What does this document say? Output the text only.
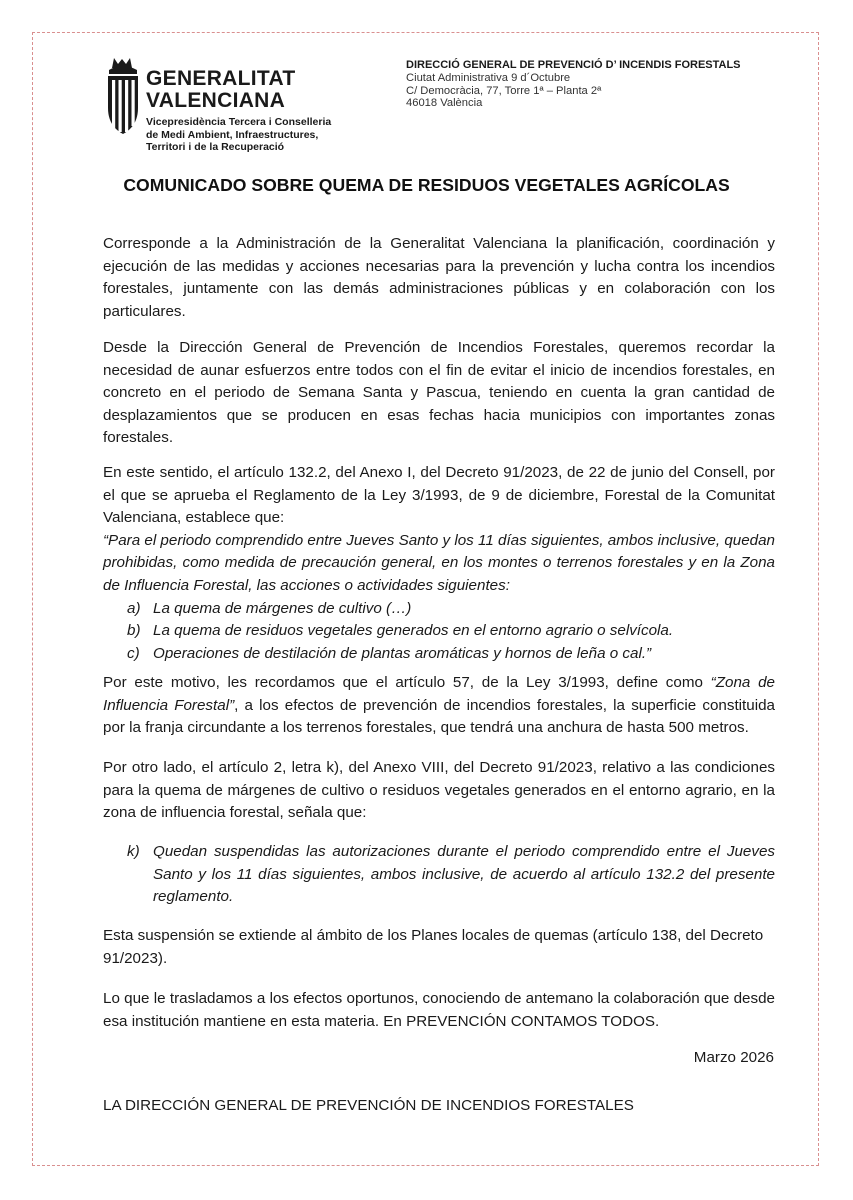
GENERALITAT
VALENCIANA
Vicepresidència Tercera i Conselleria
de Medi Ambient, Infraestructures,
Territori i de la Recuperació
DIRECCIÓ GENERAL DE PREVENCIÓ D’ INCENDIS FORESTALS
Ciutat Administrativa 9 d´Octubre
C/ Democràcia, 77, Torre 1ª – Planta 2ª
46018 València
COMUNICADO SOBRE QUEMA DE RESIDUOS VEGETALES AGRÍCOLAS
Corresponde a la Administración de la Generalitat Valenciana la planificación, coordinación y ejecución de las medidas y acciones necesarias para la prevención y lucha contra los incendios forestales, juntamente con las demás administraciones públicas y en colaboración con los particulares.
Desde la Dirección General de Prevención de Incendios Forestales, queremos recordar la necesidad de aunar esfuerzos entre todos con el fin de evitar el inicio de incendios forestales, en concreto en el periodo de Semana Santa y Pascua, teniendo en cuenta la gran cantidad de desplazamientos que se producen en esas fechas hacia municipios con importantes zonas forestales.
En este sentido, el artículo 132.2, del Anexo I, del Decreto 91/2023, de 22 de junio del Consell, por el que se aprueba el Reglamento de la Ley 3/1993, de 9 de diciembre, Forestal de la Comunitat Valenciana, establece que:
“Para el periodo comprendido entre Jueves Santo y los 11 días siguientes, ambos inclusive, quedan prohibidas, como medida de precaución general, en los montes o terrenos forestales y en la Zona de Influencia Forestal, las acciones o actividades siguientes:
a) La quema de márgenes de cultivo (…)
b) La quema de residuos vegetales generados en el entorno agrario o selvícola.
c) Operaciones de destilación de plantas aromáticas y hornos de leña o cal.”
Por este motivo, les recordamos que el artículo 57, de la Ley 3/1993, define como “Zona de Influencia Forestal”, a los efectos de prevención de incendios forestales, la superficie constituida por la franja circundante a los terrenos forestales, que tendrá una anchura de hasta 500 metros.
Por otro lado, el artículo 2, letra k), del Anexo VIII, del Decreto 91/2023, relativo a las condiciones para la quema de márgenes de cultivo o residuos vegetales generados en el entorno agrario, en la zona de influencia forestal, señala que:
k) Quedan suspendidas las autorizaciones durante el periodo comprendido entre el Jueves Santo y los 11 días siguientes, ambos inclusive, de acuerdo al artículo 132.2 del presente reglamento.
Esta suspensión se extiende al ámbito de los Planes locales de quemas (artículo 138, del Decreto 91/2023).
Lo que le trasladamos a los efectos oportunos, conociendo de antemano la colaboración que desde esa institución mantiene en esta materia. En PREVENCIÓN CONTAMOS TODOS.
Marzo 2026
LA DIRECCIÓN GENERAL DE PREVENCIÓN DE INCENDIOS FORESTALES
